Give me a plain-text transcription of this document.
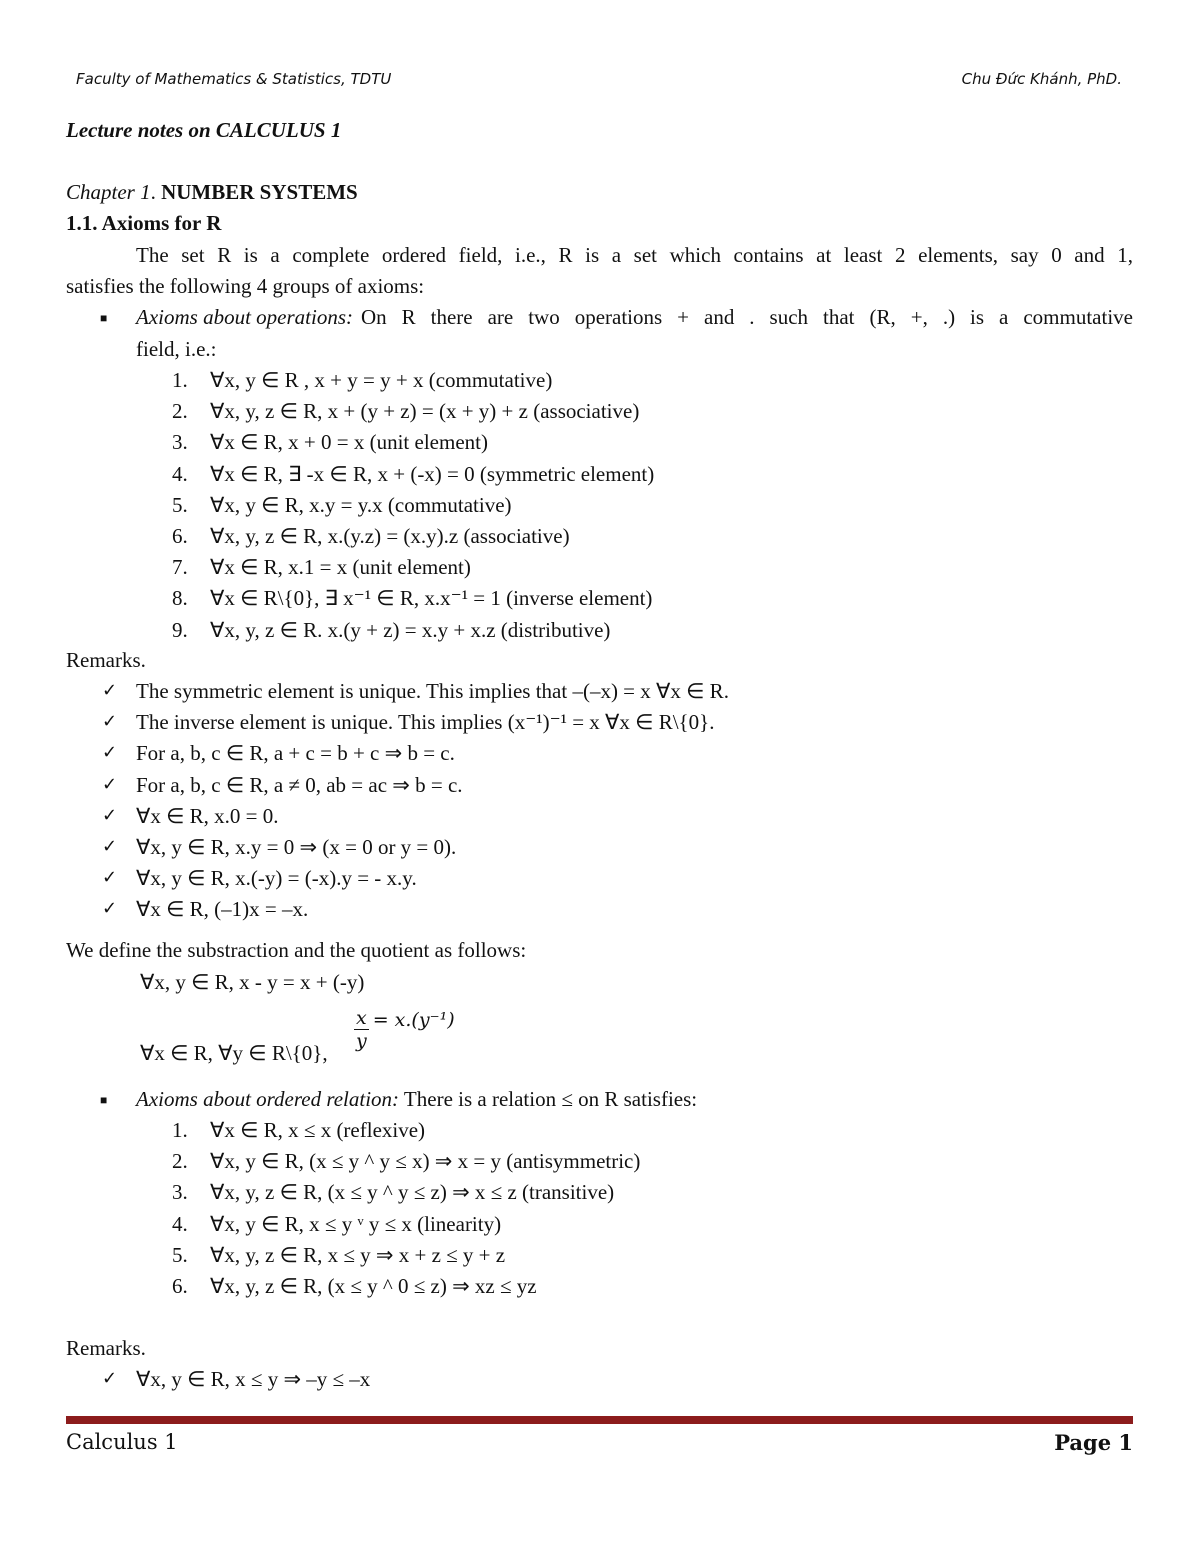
Faculty of Mathematics & Statistics, TDTU	Chu Đức Khánh, PhD.
Lecture notes on CALCULUS 1
Chapter 1. NUMBER SYSTEMS
1.1. Axioms for R
The set R is a complete ordered field, i.e., R is a set which contains at least 2 elements, say 0 and 1,
satisfies the following 4 groups of axioms:
■ Axioms about operations: On R there are two operations + and . such that (R, +, .) is a commutative
field, i.e.:
1. ∀x, y ∈ R , x + y = y + x (commutative)
2. ∀x, y, z ∈ R, x + (y + z) = (x + y) + z (associative)
3. ∀x ∈ R, x + 0 = x (unit element)
4. ∀x ∈ R, ∃ -x ∈ R, x + (-x) = 0 (symmetric element)
5. ∀x, y ∈ R, x.y = y.x (commutative)
6. ∀x, y, z ∈ R, x.(y.z) = (x.y).z (associative)
7. ∀x ∈ R, x.1 = x (unit element)
8. ∀x ∈ R\{0}, ∃ x⁻¹ ∈ R, x.x⁻¹ = 1 (inverse element)
9. ∀x, y, z ∈ R. x.(y + z) = x.y + x.z (distributive)
Remarks.
✓ The symmetric element is unique. This implies that –(–x) = x ∀x ∈ R.
✓ The inverse element is unique. This implies (x⁻¹)⁻¹ = x ∀x ∈ R\{0}.
✓ For a, b, c ∈ R, a + c = b + c ⇒ b = c.
✓ For a, b, c ∈ R, a ≠ 0, ab = ac ⇒ b = c.
✓ ∀x ∈ R, x.0 = 0.
✓ ∀x, y ∈ R, x.y = 0 ⇒ (x = 0 or y = 0).
✓ ∀x, y ∈ R, x.(-y) = (-x).y = - x.y.
✓ ∀x ∈ R, (–1)x = –x.
We define the substraction and the quotient as follows:
∀x, y ∈ R, x - y = x + (-y)
∀x ∈ R, ∀y ∈ R\{0},
$\frac{x}{y} = x.(y^{-1})$
■ Axioms about ordered relation: There is a relation ≤ on R satisfies:
1. ∀x ∈ R, x ≤ x (reflexive)
2. ∀x, y ∈ R, (x ≤ y ^ y ≤ x) ⇒ x = y (antisymmetric)
3. ∀x, y, z ∈ R, (x ≤ y ^ y ≤ z) ⇒ x ≤ z (transitive)
4. ∀x, y ∈ R, x ≤ y ᵛ y ≤ x (linearity)
5. ∀x, y, z ∈ R, x ≤ y ⇒ x + z ≤ y + z
6. ∀x, y, z ∈ R, (x ≤ y ^ 0 ≤ z) ⇒ xz ≤ yz
Remarks.
✓ ∀x, y ∈ R, x ≤ y ⇒ –y ≤ –x
Calculus 1	Page 1
